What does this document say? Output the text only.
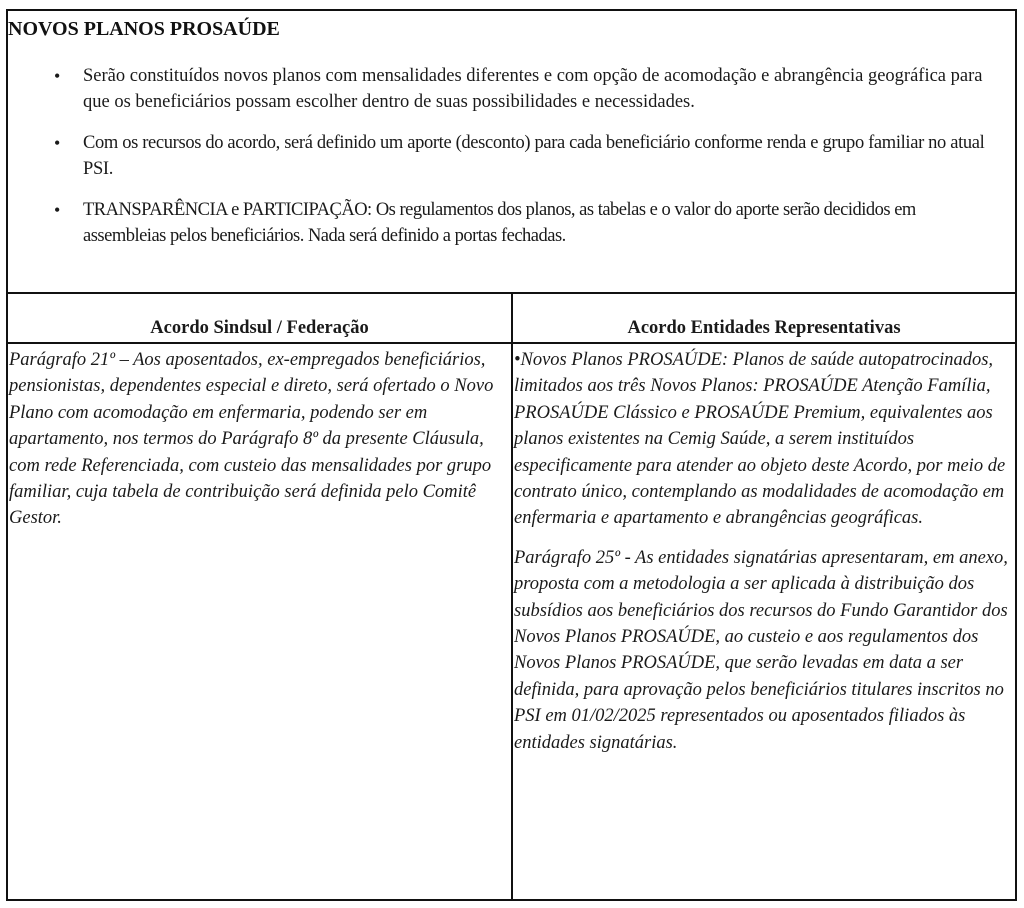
NOVOS PLANOS PROSAÚDE
• Serão constituídos novos planos com mensalidades diferentes e com opção de acomodação e abrangência geográfica para que os beneficiários possam escolher dentro de suas possibilidades e necessidades.
• Com os recursos do acordo, será definido um aporte (desconto) para cada beneficiário conforme renda e grupo familiar no atual PSI.
• TRANSPARÊNCIA e PARTICIPAÇÃO: Os regulamentos dos planos, as tabelas e o valor do aporte serão decididos em assembleias pelos beneficiários. Nada será definido a portas fechadas.
Acordo Sindsul / Federação

Parágrafo 21º – Aos aposentados, ex-empregados beneficiários, pensionistas, dependentes especial e direto, será ofertado o Novo Plano com acomodação em enfermaria, podendo ser em apartamento, nos termos do Parágrafo 8º da presente Cláusula, com rede Referenciada, com custeio das mensalidades por grupo familiar, cuja tabela de contribuição será definida pelo Comitê Gestor.

Acordo Entidades Representativas

•Novos Planos PROSAÚDE: Planos de saúde autopatrocinados, limitados aos três Novos Planos: PROSAÚDE Atenção Família, PROSAÚDE Clássico e PROSAÚDE Premium, equivalentes aos planos existentes na Cemig Saúde, a serem instituídos especificamente para atender ao objeto deste Acordo, por meio de contrato único, contemplando as modalidades de acomodação em enfermaria e apartamento e abrangências geográficas.

Parágrafo 25º - As entidades signatárias apresentaram, em anexo, proposta com a metodologia a ser aplicada à distribuição dos subsídios aos beneficiários dos recursos do Fundo Garantidor dos Novos Planos PROSAÚDE, ao custeio e aos regulamentos dos Novos Planos PROSAÚDE, que serão levadas em data a ser definida, para aprovação pelos beneficiários titulares inscritos no PSI em 01/02/2025 representados ou aposentados filiados às entidades signatárias.
